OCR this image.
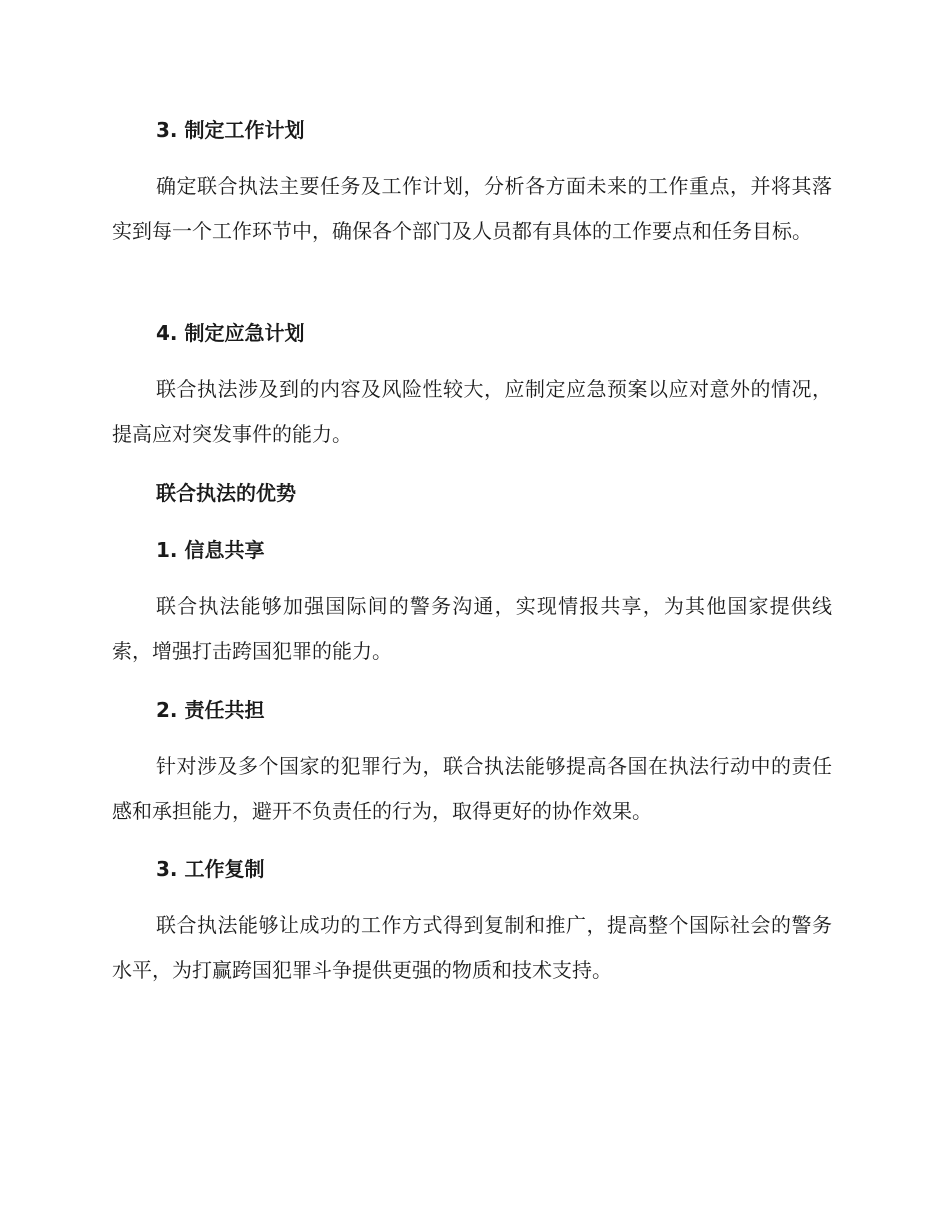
3. 制定工作计划

确定联合执法主要任务及工作计划，分析各方面未来的工作重点，并将其落实到每一个工作环节中，确保各个部门及人员都有具体的工作要点和任务目标。

4. 制定应急计划

联合执法涉及到的内容及风险性较大，应制定应急预案以应对意外的情况，提高应对突发事件的能力。

联合执法的优势
1. 信息共享

联合执法能够加强国际间的警务沟通，实现情报共享，为其他国家提供线索，增强打击跨国犯罪的能力。

2. 责任共担

针对涉及多个国家的犯罪行为，联合执法能够提高各国在执法行动中的责任感和承担能力，避开不负责任的行为，取得更好的协作效果。

3. 工作复制

联合执法能够让成功的工作方式得到复制和推广，提高整个国际社会的警务水平，为打赢跨国犯罪斗争提供更强的物质和技术支持。
